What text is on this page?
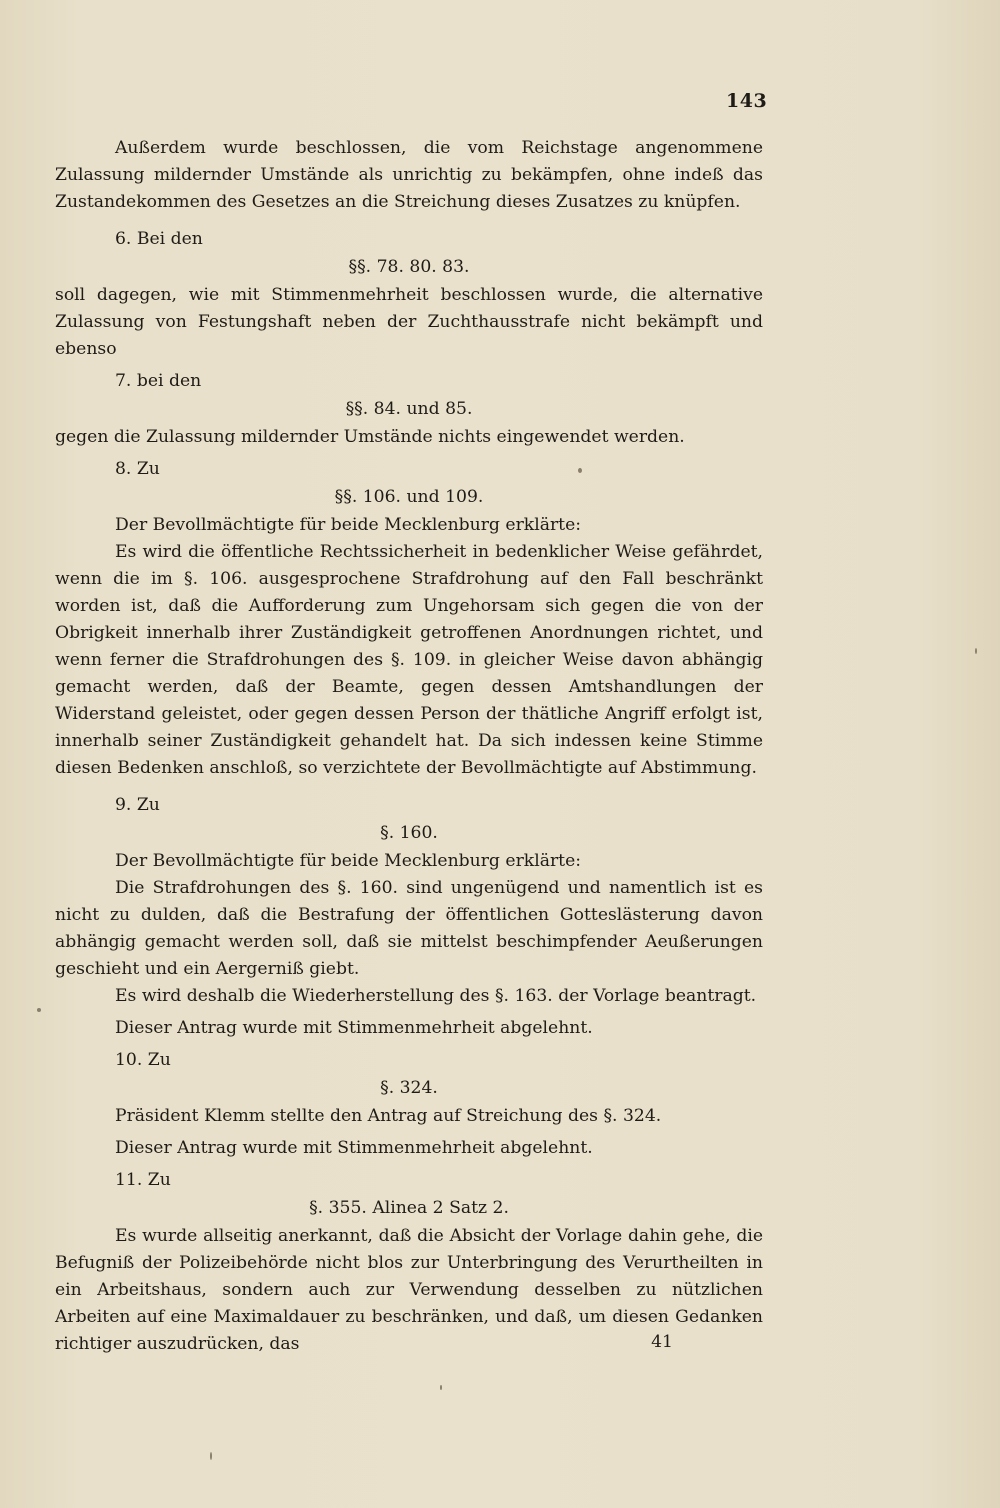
143

Außerdem wurde beschlossen, die vom Reichstage angenommene Zulassung mildernder Umstände als unrichtig zu bekämpfen, ohne indeß das Zustandekommen des Gesetzes an die Streichung dieses Zusatzes zu knüpfen.

6. Bei den

§§. 78. 80. 83.

soll dagegen, wie mit Stimmenmehrheit beschlossen wurde, die alternative Zulassung von Festungshaft neben der Zuchthausstrafe nicht bekämpft und ebenso

7. bei den

§§. 84. und 85.

gegen die Zulassung mildernder Umstände nichts eingewendet werden.

8. Zu

§§. 106. und 109.

Der Bevollmächtigte für beide Mecklenburg erklärte:

Es wird die öffentliche Rechtssicherheit in bedenklicher Weise gefährdet, wenn die im §. 106. ausgesprochene Strafdrohung auf den Fall beschränkt worden ist, daß die Aufforderung zum Ungehorsam sich gegen die von der Obrigkeit innerhalb ihrer Zuständigkeit getroffenen Anordnungen richtet, und wenn ferner die Strafdrohungen des §. 109. in gleicher Weise davon abhängig gemacht werden, daß der Beamte, gegen dessen Amtshandlungen der Widerstand geleistet, oder gegen dessen Person der thätliche Angriff erfolgt ist, innerhalb seiner Zuständigkeit gehandelt hat. Da sich indessen keine Stimme diesen Bedenken anschloß, so verzichtete der Bevollmächtigte auf Abstimmung.

9. Zu

§. 160.

Der Bevollmächtigte für beide Mecklenburg erklärte:

Die Strafdrohungen des §. 160. sind ungenügend und namentlich ist es nicht zu dulden, daß die Bestrafung der öffentlichen Gotteslästerung davon abhängig gemacht werden soll, daß sie mittelst beschimpfender Aeußerungen geschieht und ein Aergerniß giebt.

Es wird deshalb die Wiederherstellung des §. 163. der Vorlage beantragt.

Dieser Antrag wurde mit Stimmenmehrheit abgelehnt.

10. Zu

§. 324.

Präsident Klemm stellte den Antrag auf Streichung des §. 324.

Dieser Antrag wurde mit Stimmenmehrheit abgelehnt.

11. Zu

§. 355. Alinea 2 Satz 2.

Es wurde allseitig anerkannt, daß die Absicht der Vorlage dahin gehe, die Befugniß der Polizeibehörde nicht blos zur Unterbringung des Verurtheilten in ein Arbeitshaus, sondern auch zur Verwendung desselben zu nützlichen Arbeiten auf eine Maximaldauer zu beschränken, und daß, um diesen Gedanken richtiger auszudrücken, das	41
